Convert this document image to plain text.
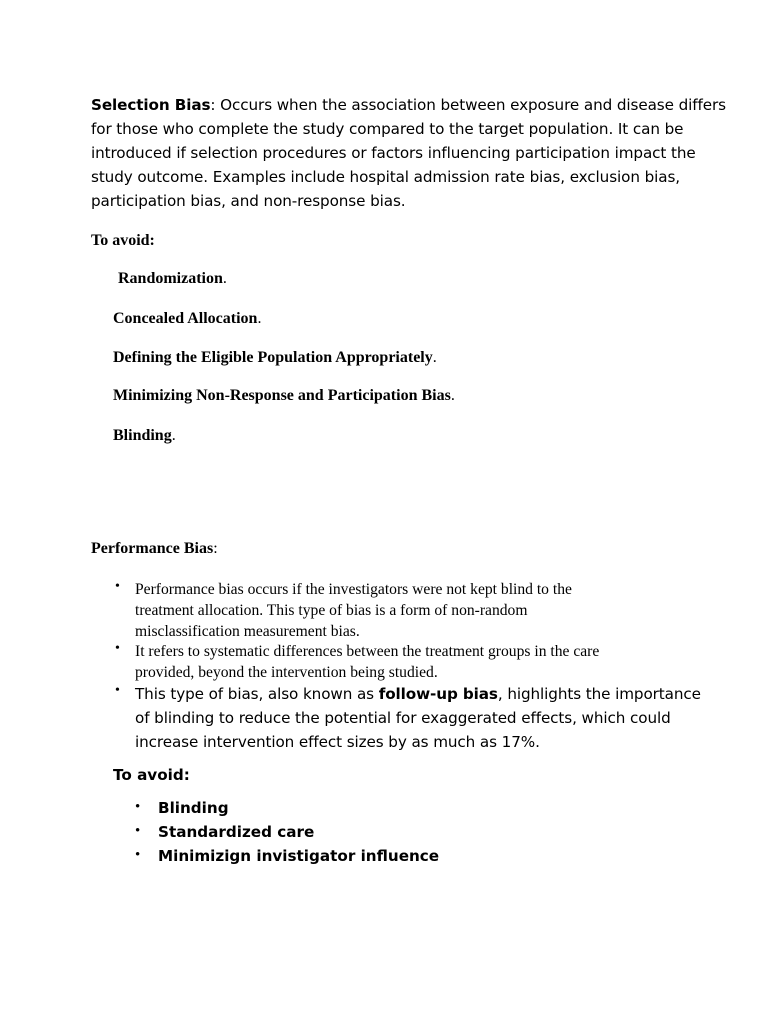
Selection Bias: Occurs when the association between exposure and disease differs
for those who complete the study compared to the target population. It can be
introduced if selection procedures or factors influencing participation impact the
study outcome. Examples include hospital admission rate bias, exclusion bias,
participation bias, and non-response bias.
To avoid:
Randomization.
Concealed Allocation.
Defining the Eligible Population Appropriately.
Minimizing Non-Response and Participation Bias.
Blinding.
Performance Bias:
• Performance bias occurs if the investigators were not kept blind to the
treatment allocation. This type of bias is a form of non-random
misclassification measurement bias.
• It refers to systematic differences between the treatment groups in the care
provided, beyond the intervention being studied.
• This type of bias, also known as follow-up bias, highlights the importance
of blinding to reduce the potential for exaggerated effects, which could
increase intervention effect sizes by as much as 17%.
To avoid:
• Blinding
• Standardized care
• Minimizign invistigator influence
